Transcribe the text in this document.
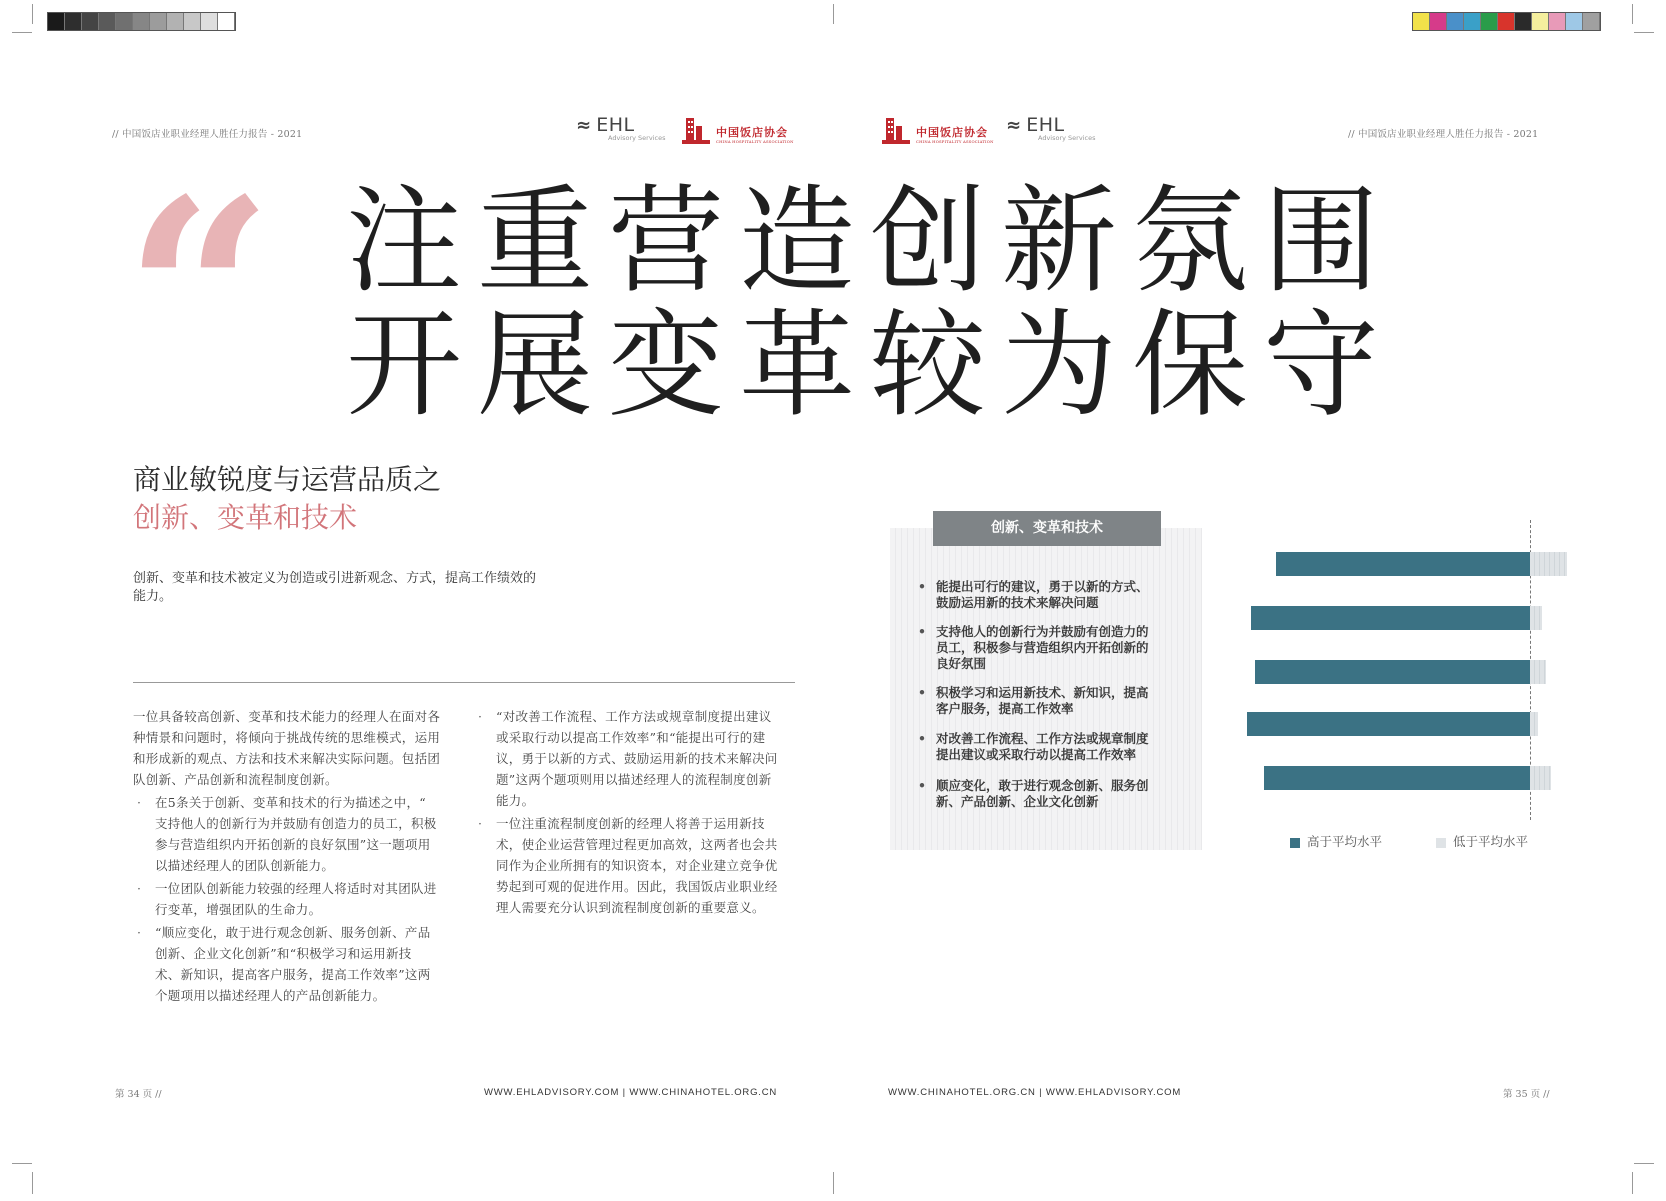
// 中国饭店业职业经理人胜任力报告 - 2021	// 中国饭店业职业经理人胜任力报告 - 2021
≈ EHL
Advisory Services	中国饭店协会
CHINA HOSPITALITY ASSOCIATION
中国饭店协会
CHINA HOSPITALITY ASSOCIATION
≈ EHL
Advisory Services
“ 注重营造创新氛围
开展变革较为保守
商业敏锐度与运营品质之
创新、变革和技术
创新、变革和技术被定义为创造或引进新观念、方式，提高工作绩效的
能力。
一位具备较高创新、变革和技术能力的经理人在面对各
种情景和问题时，将倾向于挑战传统的思维模式，运用
和形成新的观点、方法和技术来解决实际问题。包括团
队创新、产品创新和流程制度创新。
· 在5条关于创新、变革和技术的行为描述之中，“
支持他人的创新行为并鼓励有创造力的员工，积极
参与营造组织内开拓创新的良好氛围”这一题项用
以描述经理人的团队创新能力。
· 一位团队创新能力较强的经理人将适时对其团队进
行变革，增强团队的生命力。
· “顺应变化，敢于进行观念创新、服务创新、产品
创新、企业文化创新”和“积极学习和运用新技
术、新知识，提高客户服务，提高工作效率”这两
个题项用以描述经理人的产品创新能力。
· “对改善工作流程、工作方法或规章制度提出建议
或采取行动以提高工作效率”和“能提出可行的建
议，勇于以新的方式、鼓励运用新的技术来解决问
题”这两个题项则用以描述经理人的流程制度创新
能力。
· 一位注重流程制度创新的经理人将善于运用新技
术，使企业运营管理过程更加高效，这两者也会共
同作为企业所拥有的知识资本，对企业建立竞争优
势起到可观的促进作用。因此，我国饭店业职业经
理人需要充分认识到流程制度创新的重要意义。
• 能提出可行的建议，勇于以新的方式、
鼓励运用新的技术来解决问题
• 支持他人的创新行为并鼓励有创造力的
员工，积极参与营造组织内开拓创新的
良好氛围
• 积极学习和运用新技术、新知识，提高
客户服务，提高工作效率
• 对改善工作流程、工作方法或规章制度
提出建议或采取行动以提高工作效率
• 顺应变化，敢于进行观念创新、服务创
新、产品创新、企业文化创新
创新、变革和技术
高于平均水平	低于平均水平
第 34 页 //	WWW.EHLADVISORY.COM | WWW.CHINAHOTEL.ORG.CN	WWW.CHINAHOTEL.ORG.CN | WWW.EHLADVISORY.COM	第 35 页 //
